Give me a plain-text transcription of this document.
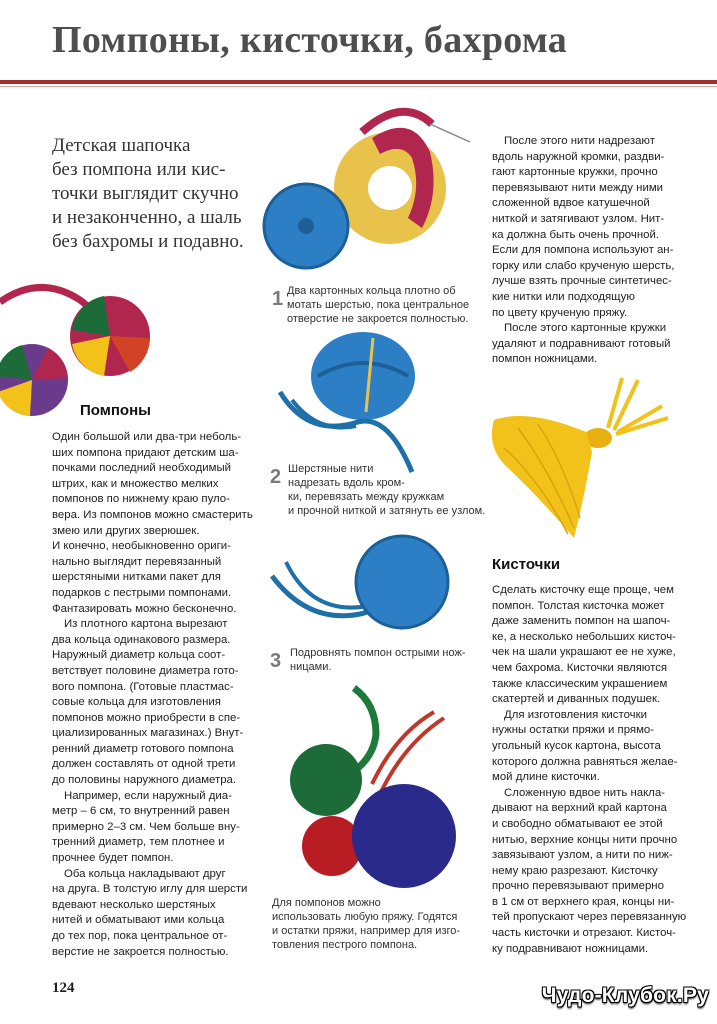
Помпоны, кисточки, бахрома
Детская шапочка
без помпона или кис-
точки выглядит скучно
и незаконченно, а шаль
без бахромы и подавно.
Помпоны
Один большой или два-три неболь-
ших помпона придают детским ша-
почками последний необходимый
штрих, как и множество мелких
помпонов по нижнему краю пуло-
вера. Из помпонов можно смастерить
змею или других зверюшек.
И конечно, необыкновенно ориги-
нально выглядит перевязанный
шерстяными нитками пакет для
подарков с пестрыми помпонами.
Фантазировать можно бесконечно.
Из плотного картона вырезают
два кольца одинакового размера.
Наружный диаметр кольца соот-
ветствует половине диаметра гото-
вого помпона. (Готовые пластмас-
совые кольца для изготовления
помпонов можно приобрести в спе-
циализированных магазинах.) Внут-
ренний диаметр готового помпона
должен составлять от одной трети
до половины наружного диаметра.
Например, если наружный диа-
метр – 6 см, то внутренний равен
примерно 2–3 см. Чем больше вну-
тренний диаметр, тем плотнее и
прочнее будет помпон.
Оба кольца накладывают друг
на друга. В толстую иглу для шерсти
вдевают несколько шерстяных
нитей и обматывают ими кольца
до тех пор, пока центральное от-
верстие не закроется полностью.
1 Два картонных кольца плотно об
мотать шерстью, пока центральное
отверстие не закроется полностью.
2 Шерстяные нити
надрезать вдоль кром-
ки, перевязать между кружкам
и прочной ниткой и затянуть ее узлом.
3 Подровнять помпон острыми нож-
ницами.
Для помпонов можно
использовать любую пряжу. Годятся
и остатки пряжи, например для изго-
товления пестрого помпона.
После этого нити надрезают
вдоль наружной кромки, раздви-
гают картонные кружки, прочно
перевязывают нити между ними
сложенной вдвое катушечной
ниткой и затягивают узлом. Нит-
ка должна быть очень прочной.
Если для помпона используют ан-
горку или слабо крученую шерсть,
лучше взять прочные синтетичес-
кие нитки или подходящую
по цвету крученую пряжу.
После этого картонные кружки
удаляют и подравнивают готовый
помпон ножницами.
Кисточки
Сделать кисточку еще проще, чем
помпон. Толстая кисточка может
даже заменить помпон на шапоч-
ке, а несколько небольших кисточ-
чек на шали украшают ее не хуже,
чем бахрома. Кисточки являются
также классическим украшением
скатертей и диванных подушек.
Для изготовления кисточки
нужны остатки пряжи и прямо-
угольный кусок картона, высота
которого должна равняться желае-
мой длине кисточки.
Сложенную вдвое нить накла-
дывают на верхний край картона
и свободно обматывают ее этой
нитью, верхние концы нити прочно
завязывают узлом, а нити по ниж-
нему краю разрезают. Кисточку
прочно перевязывают примерно
в 1 см от верхнего края, концы ни-
тей пропускают через перевязанную
часть кисточки и отрезают. Кисточ-
ку подравнивают ножницами.
124	Чудо-Клубок.Ру
